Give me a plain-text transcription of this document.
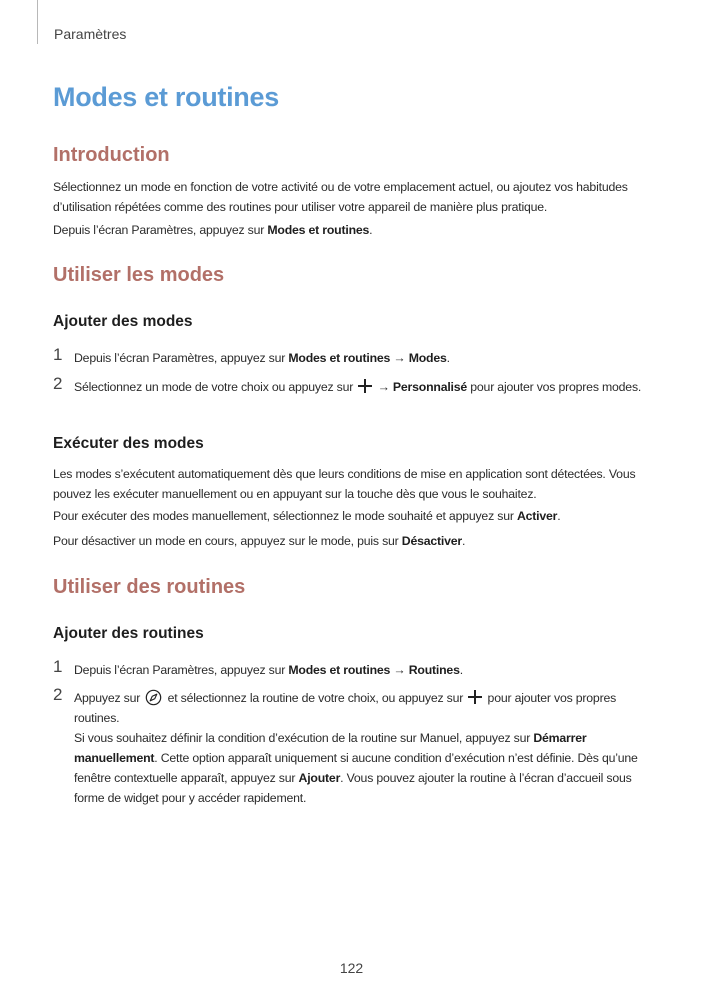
Paramètres
Modes et routines
Introduction
Sélectionnez un mode en fonction de votre activité ou de votre emplacement actuel, ou ajoutez vos habitudes d’utilisation répétées comme des routines pour utiliser votre appareil de manière plus pratique.
Depuis l’écran Paramètres, appuyez sur Modes et routines.
Utiliser les modes
Ajouter des modes
1 Depuis l’écran Paramètres, appuyez sur Modes et routines → Modes.
2 Sélectionnez un mode de votre choix ou appuyez sur  → Personnalisé pour ajouter vos propres modes.
Exécuter des modes
Les modes s’exécutent automatiquement dès que leurs conditions de mise en application sont détectées. Vous pouvez les exécuter manuellement ou en appuyant sur la touche dès que vous le souhaitez.
Pour exécuter des modes manuellement, sélectionnez le mode souhaité et appuyez sur Activer.
Pour désactiver un mode en cours, appuyez sur le mode, puis sur Désactiver.
Utiliser des routines
Ajouter des routines
1 Depuis l’écran Paramètres, appuyez sur Modes et routines → Routines.
2 Appuyez sur  et sélectionnez la routine de votre choix, ou appuyez sur  pour ajouter vos propres routines.
Si vous souhaitez définir la condition d’exécution de la routine sur Manuel, appuyez sur Démarrer manuellement. Cette option apparaît uniquement si aucune condition d’exécution n’est définie. Dès qu’une fenêtre contextuelle apparaît, appuyez sur Ajouter. Vous pouvez ajouter la routine à l’écran d’accueil sous forme de widget pour y accéder rapidement.
122
